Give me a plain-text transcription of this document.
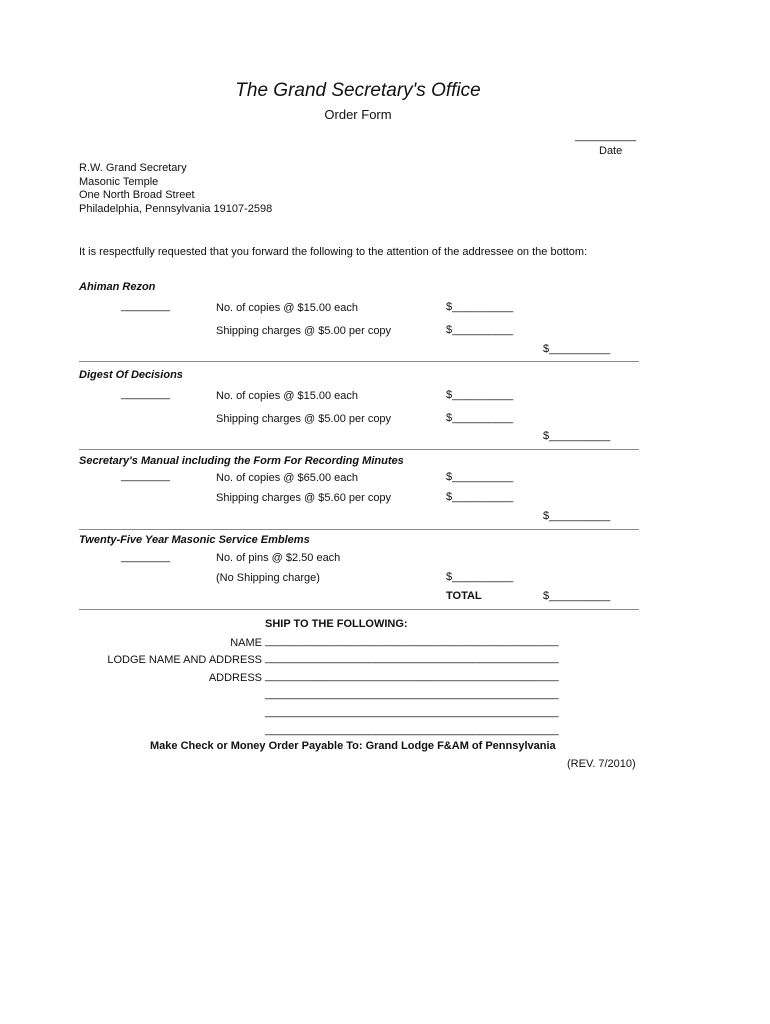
The Grand Secretary's Office
Order Form
__________
Date
R.W. Grand Secretary
Masonic Temple
One North Broad Street
Philadelphia, Pennsylvania 19107-2598
It is respectfully requested that you forward the following to the attention of the addressee on the bottom:
Ahiman Rezon
________	No. of copies @ $15.00 each	$__________
Shipping charges @ $5.00 per copy	$__________
$__________
Digest Of Decisions
________	No. of copies @ $15.00 each	$__________
Shipping charges @ $5.00 per copy	$__________
$__________
Secretary's Manual including the Form For Recording Minutes
________	No. of copies @ $65.00 each	$__________
Shipping charges @ $5.60 per copy	$__________
$__________
Twenty-Five Year Masonic Service Emblems
________	No. of pins @ $2.50 each
(No Shipping charge)	$__________
TOTAL	$__________
SHIP TO THE FOLLOWING:
NAME ________________________________________________
LODGE NAME AND ADDRESS ________________________________________________
ADDRESS ________________________________________________
________________________________________________
________________________________________________
________________________________________________
Make Check or Money Order Payable To: Grand Lodge F&AM of Pennsylvania
(REV. 7/2010)
